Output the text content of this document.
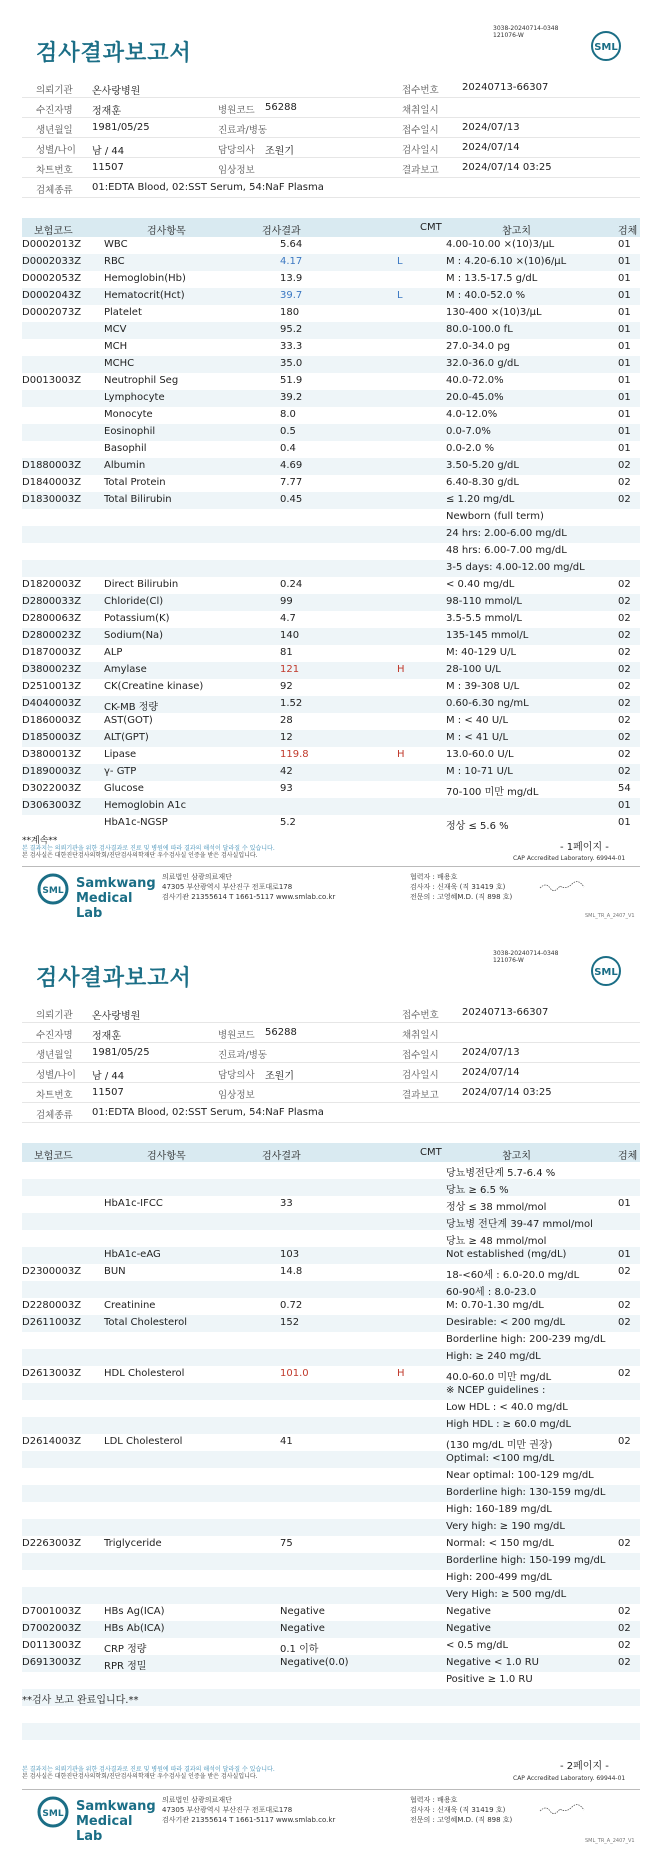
3038-20240714-0348
121076-W
검사결과보고서	SML
의뢰기관 온사랑병원	접수번호 20240713-66307
수진자명 정재훈	병원코드 56288	채취일시
생년월일 1981/05/25	진료과/병동	접수일시 2024/07/13
성별/나이 남 / 44	담당의사 조원기	검사일시 2024/07/14
차트번호 11507	임상정보	결과보고 2024/07/14 03:25
검체종류 01:EDTA Blood, 02:SST Serum, 54:NaF Plasma
보험코드	검사항목	검사결과	CMT	참고치	검체
D0002013Z WBC	5.64	4.00-10.00 ×(10)3/μL	01
D0002033Z RBC	4.17	L	M : 4.20-6.10 ×(10)6/μL	01
D0002053Z Hemoglobin(Hb)	13.9	M : 13.5-17.5 g/dL	01
D0002043Z Hematocrit(Hct)	39.7	L	M : 40.0-52.0 %	01
D0002073Z Platelet	180	130-400 ×(10)3/μL	01
MCV	95.2	80.0-100.0 fL	01
MCH	33.3	27.0-34.0 pg	01
MCHC	35.0	32.0-36.0 g/dL	01
D0013003Z Neutrophil Seg	51.9	40.0-72.0%	01
Lymphocyte	39.2	20.0-45.0%	01
Monocyte	8.0	4.0-12.0%	01
Eosinophil	0.5	0.0-7.0%	01
Basophil	0.4	0.0-2.0 %	01
D1880003Z Albumin	4.69	3.50-5.20 g/dL	02
D1840003Z Total Protein	7.77	6.40-8.30 g/dL	02
D1830003Z Total Bilirubin	0.45	≤ 1.20 mg/dL	02
Newborn (full term)
24 hrs: 2.00-6.00 mg/dL
48 hrs: 6.00-7.00 mg/dL
3-5 days: 4.00-12.00 mg/dL
D1820003Z Direct Bilirubin	0.24	< 0.40 mg/dL	02
D2800033Z Chloride(Cl)	99	98-110 mmol/L	02
D2800063Z Potassium(K)	4.7	3.5-5.5 mmol/L	02
D2800023Z Sodium(Na)	140	135-145 mmol/L	02
D1870003Z ALP	81	M: 40-129 U/L	02
D3800023Z Amylase	121	H	28-100 U/L	02
D2510013Z CK(Creatine kinase)	92	M : 39-308 U/L	02
D4040003Z CK-MB 정량	1.52	0.60-6.30 ng/mL	02
D1860003Z AST(GOT)	28	M : < 40 U/L	02
D1850003Z ALT(GPT)	12	M : < 41 U/L	02
D3800013Z Lipase	119.8	H	13.0-60.0 U/L	02
D1890003Z γ- GTP	42	M : 10-71 U/L	02
D3022003Z Glucose	93	70-100 미만 mg/dL	54
D3063003Z Hemoglobin A1c	01
HbA1c-NGSP	5.2	정상 ≤ 5.6 %	01
**계속**
본 결과지는 의뢰기관을 위한 검사결과로 진료 및 병원에 따라 결과의 해석이 달라질 수 있습니다.
본 검사실은 대한진단검사의학회/진단검사의학재단 우수검사실 인증을 받은 검사실입니다.
- 1페이지 -
CAP Accredited Laboratory. 69944-01
SML Samkwang
Medical Lab
의료법인 삼광의료재단
47305 부산광역시 부산진구 전포대로178
검사기관 21355614 T 1661-5117 www.smlab.co.kr
협력자 : 배용호
검사자 : 신재욱 (직 31419 호)
전문의 : 고영혜M.D. (직 898 호)
SML_TR_A_2407_V1
3038-20240714-0348
121076-W
검사결과보고서	SML
의뢰기관 온사랑병원	접수번호 20240713-66307
수진자명 정재훈	병원코드 56288	채취일시
생년월일 1981/05/25	진료과/병동	접수일시 2024/07/13
성별/나이 남 / 44	담당의사 조원기	검사일시 2024/07/14
차트번호 11507	임상정보	결과보고 2024/07/14 03:25
검체종류 01:EDTA Blood, 02:SST Serum, 54:NaF Plasma
보험코드	검사항목	검사결과	CMT	참고치	검체
당뇨병전단계 5.7-6.4 %
당뇨 ≥ 6.5 %
HbA1c-IFCC	33	정상 ≤ 38 mmol/mol	01
당뇨병 전단계 39-47 mmol/mol
당뇨 ≥ 48 mmol/mol
HbA1c-eAG	103	Not established (mg/dL)	01
D2300003Z BUN	14.8	18-<60세 : 6.0-20.0 mg/dL	02
60-90세 : 8.0-23.0
D2280003Z Creatinine	0.72	M: 0.70-1.30 mg/dL	02
D2611003Z Total Cholesterol	152	Desirable: < 200 mg/dL	02
Borderline high: 200-239 mg/dL
High: ≥ 240 mg/dL
D2613003Z HDL Cholesterol	101.0	H	40.0-60.0 미만 mg/dL	02
※ NCEP guidelines :
Low HDL : < 40.0 mg/dL
High HDL : ≥ 60.0 mg/dL
D2614003Z LDL Cholesterol	41	(130 mg/dL 미만 권장)	02
Optimal: <100 mg/dL
Near optimal: 100-129 mg/dL
Borderline high: 130-159 mg/dL
High: 160-189 mg/dL
Very high: ≥ 190 mg/dL
D2263003Z Triglyceride	75	Normal: < 150 mg/dL	02
Borderline high: 150-199 mg/dL
High: 200-499 mg/dL
Very High: ≥ 500 mg/dL
D7001003Z HBs Ag(ICA)	Negative	Negative	02
D7002003Z HBs Ab(ICA)	Negative	Negative	02
D0113003Z CRP 정량	0.1 이하	< 0.5 mg/dL	02
D6913003Z RPR 정밀	Negative(0.0)	Negative < 1.0 RU	02
Positive ≥ 1.0 RU
**검사 보고 완료입니다.**
본 결과지는 의뢰기관을 위한 검사결과로 진료 및 병원에 따라 결과의 해석이 달라질 수 있습니다.
본 검사실은 대한진단검사의학회/진단검사의학재단 우수검사실 인증을 받은 검사실입니다.
- 2페이지 -
CAP Accredited Laboratory. 69944-01
SML Samkwang
Medical Lab
의료법인 삼광의료재단
47305 부산광역시 부산진구 전포대로178
검사기관 21355614 T 1661-5117 www.smlab.co.kr
협력자 : 배용호
검사자 : 신재욱 (직 31419 호)
전문의 : 고영혜M.D. (직 898 호)
SML_TR_A_2407_V1
